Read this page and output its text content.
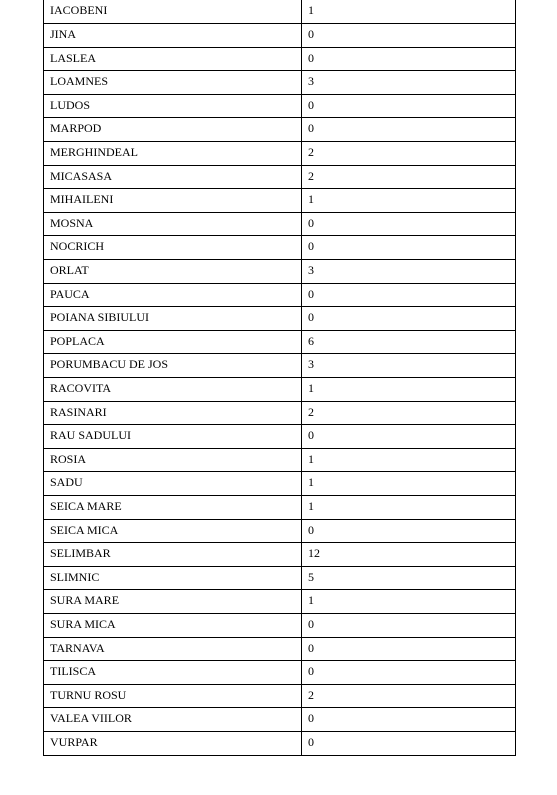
IACOBENI	1
JINA	0
LASLEA	0
LOAMNES	3
LUDOS	0
MARPOD	0
MERGHINDEAL	2
MICASASA	2
MIHAILENI	1
MOSNA	0
NOCRICH	0
ORLAT	3
PAUCA	0
POIANA SIBIULUI	0
POPLACA	6
PORUMBACU DE JOS	3
RACOVITA	1
RASINARI	2
RAU SADULUI	0
ROSIA	1
SADU	1
SEICA MARE	1
SEICA MICA	0
SELIMBAR	12
SLIMNIC	5
SURA MARE	1
SURA MICA	0
TARNAVA	0
TILISCA	0
TURNU ROSU	2
VALEA VIILOR	0
VURPAR	0
